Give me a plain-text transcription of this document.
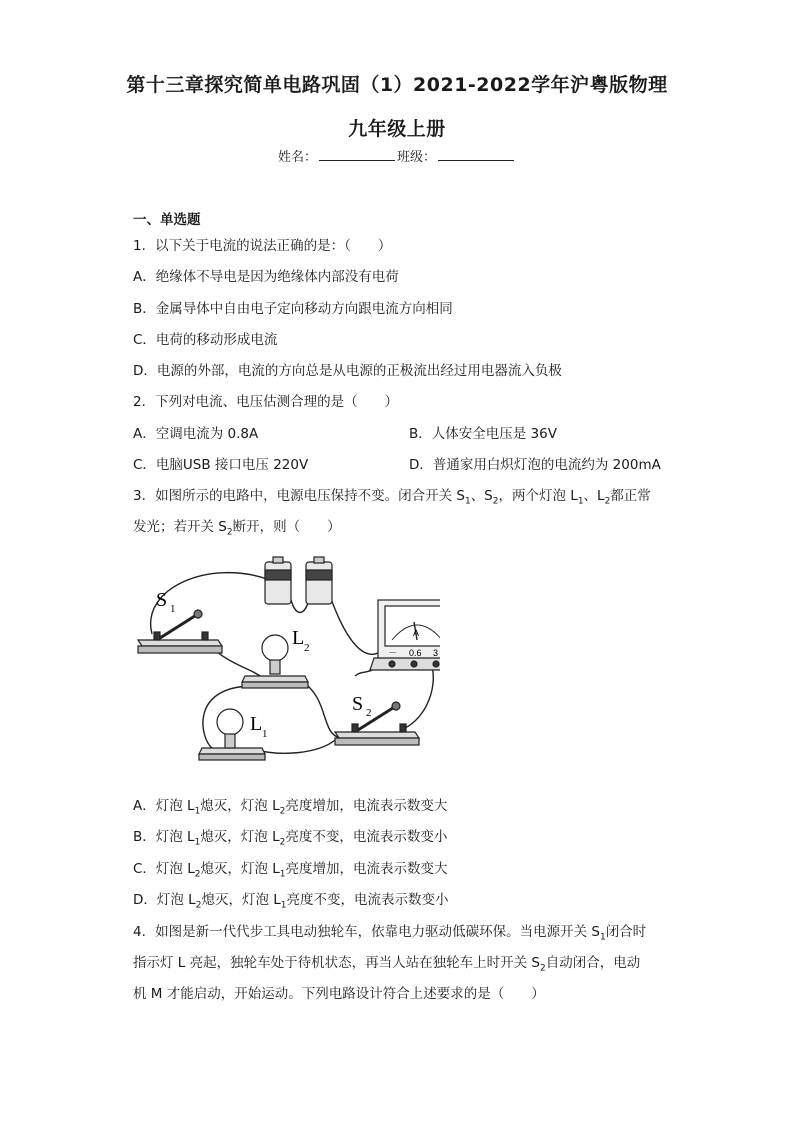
第十三章探究简单电路巩固（1）2021-2022学年沪粤版物理
九年级上册
姓名：	班级：
一、单选题
1．以下关于电流的说法正确的是：（　　）
A．绝缘体不导电是因为绝缘体内部没有电荷
B．金属导体中自由电子定向移动方向跟电流方向相同
C．电荷的移动形成电流
D．电源的外部，电流的方向总是从电源的正极流出经过用电器流入负极
2．下列对电流、电压估测合理的是（　　）
A．空调电流为 0.8A	B．人体安全电压是 36V
C．电脑USB 接口电压 220V	D．普通家用白炽灯泡的电流约为 200mA
3．如图所示的电路中，电源电压保持不变。闭合开关 $S_1$、$S_2$，两个灯泡 $L_1$、$L_2$都正常
发光；若开关 $S_2$断开，则（　　）
S 1
A
L 2
S 2
L 1
－ 0.6 3
A．灯泡 $L_1$熄灭，灯泡 $L_2$亮度增加，电流表示数变大
B．灯泡 $L_1$熄灭，灯泡 $L_2$亮度不变，电流表示数变小
C．灯泡 $L_2$熄灭，灯泡 $L_1$亮度增加，电流表示数变大
D．灯泡 $L_2$熄灭，灯泡 $L_1$亮度不变，电流表示数变小
4．如图是新一代代步工具电动独轮车，依靠电力驱动低碳环保。当电源开关 $S_1$闭合时
指示灯 L 亮起，独轮车处于待机状态，再当人站在独轮车上时开关 $S_2$自动闭合，电动
机 M 才能启动，开始运动。下列电路设计符合上述要求的是（　　）
